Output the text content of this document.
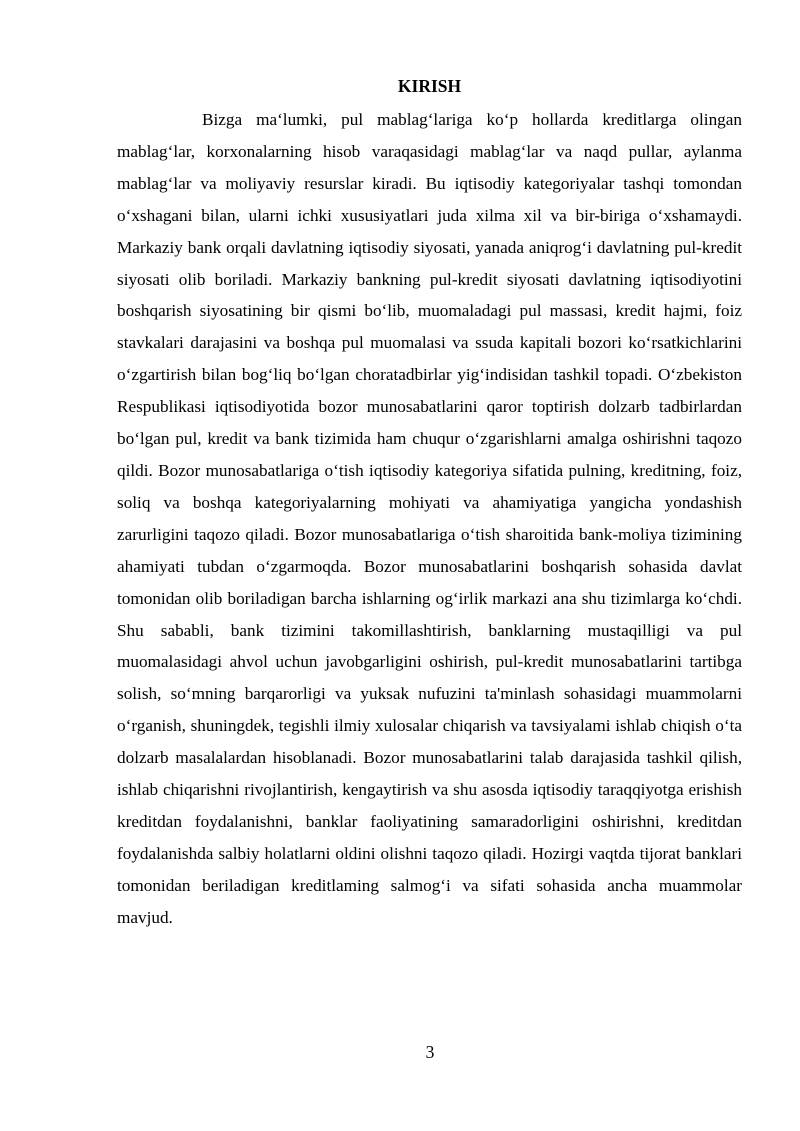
KIRISH

Bizga maʻlumki, pul mablagʻlariga koʻp hollarda kreditlarga olingan mablagʻlar, korxonalarning hisob varaqasidagi mablagʻlar va naqd pullar, aylanma mablagʻlar va moliyaviy resurslar kiradi. Bu iqtisodiy kategoriyalar tashqi tomondan oʻxshagani bilan, ularni ichki xususiyatlari juda xilma xil va bir-biriga oʻxshamaydi. Markaziy bank orqali davlatning iqtisodiy siyosati, yanada aniqrogʻi davlatning pul-kredit siyosati olib boriladi. Markaziy bankning pul-kredit siyosati davlatning iqtisodiyotini boshqarish siyosatining bir qismi boʻlib, muomaladagi pul massasi, kredit hajmi, foiz stavkalari darajasini va boshqa pul muomalasi va ssuda kapitali bozori koʻrsatkichlarini oʻzgartirish bilan bogʻliq boʻlgan choratadbirlar yigʻindisidan tashkil topadi. Oʻzbekiston Respublikasi iqtisodiyotida bozor munosabatlarini qaror toptirish dolzarb tadbirlardan boʻlgan pul, kredit va bank tizimida ham chuqur oʻzgarishlarni amalga oshirishni taqozo qildi. Bozor munosabatlariga oʻtish iqtisodiy kategoriya sifatida pulning, kreditning, foiz, soliq va boshqa kategoriyalarning mohiyati va ahamiyatiga yangicha yondashish zarurligini taqozo qiladi. Bozor munosabatlariga oʻtish sharoitida bank-moliya tizimining ahamiyati tubdan oʻzgarmoqda. Bozor munosabatlarini boshqarish sohasida davlat tomonidan olib boriladigan barcha ishlarning ogʻirlik markazi ana shu tizimlarga koʻchdi. Shu sababli, bank tizimini takomillashtirish, banklarning mustaqilligi va pul muomalasidagi ahvol uchun javobgarligini oshirish, pul-kredit munosabatlarini tartibga solish, soʻmning barqarorligi va yuksak nufuzini ta'minlash sohasidagi muammolarni oʻrganish, shuningdek, tegishli ilmiy xulosalar chiqarish va tavsiyalami ishlab chiqish oʻta dolzarb masalalardan hisoblanadi. Bozor munosabatlarini talab darajasida tashkil qilish, ishlab chiqarishni rivojlantirish, kengaytirish va shu asosda iqtisodiy taraqqiyotga erishish kreditdan foydalanishni, banklar faoliyatining samaradorligini oshirishni, kreditdan foydalanishda salbiy holatlarni oldini olishni taqozo qiladi. Hozirgi vaqtda tijorat banklari tomonidan beriladigan kreditlaming salmogʻi va sifati sohasida ancha muammolar mavjud.

3
